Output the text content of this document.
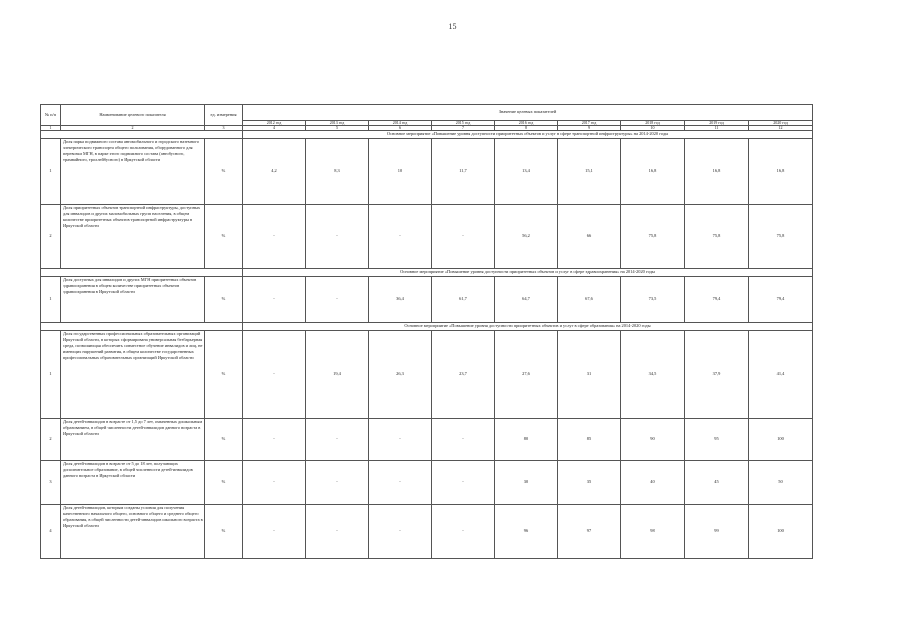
15
№ п/п	Наименование целевого показателя	ед. измерения	Значение целевых показателей								
			2012 год	2013 год	2014 год	2015 год	2016 год	2017 год	2018 год	2019 год	2020 год
1	2	3	4	5	6	7	8	9	10	11	12
			Основное мероприятие «Повышение уровня доступности приоритетных объектов и услуг в сфере транспортной инфраструктуры» на 2014-2020 годы								
1	Доля парка подвижного состава автомобильного и городского наземного электрического транспорта общего пользования, оборудованного для перевозки МГН, в парке этого подвижного состава (автобусного, трамвайного, троллейбусного) в Иркутской области	%	4,2	8,3	10	11,7	13,4	15,1	16,8	16,8	16,8
2	Доля приоритетных объектов транспортной инфраструктуры, доступных для инвалидов и других маломобильных групп населения, в общем количестве приоритетных объектов транспортной инфраструктуры в Иркутской области	%	-	-	-	-	56,2	66	75,8	75,8	75,8
			Основное мероприятие «Повышение уровня доступности приоритетных объектов и услуг в сфере здравоохранения» на 2014-2020 годы								
1	Доля доступных для инвалидов и других МГН приоритетных объектов здравоохранения в общем количестве приоритетных объектов здравоохранения в Иркутской области	%	-	-	36,4	61,7	64,7	67,6	73,5	79,4	79,4
			Основное мероприятие «Повышение уровня доступности приоритетных объектов и услуг в сфере образования» на 2014-2020 годы								
1	Доля государственных профессиональных образовательных организаций Иркутской области, в которых сформирована универсальная безбарьерная среда, позволяющая обеспечить совместное обучение инвалидов и лиц, не имеющих нарушений развития, в общем количестве государственных профессиональных образовательных организаций Иркутской области	%	-	19,4	26,3	23,7	27,6	31	34,5	37,9	41,4
2	Доля детей-инвалидов в возрасте от 1,5 до 7 лет, охваченных дошкольным образованием, в общей численности детей-инвалидов данного возраста в Иркутской области	%	-	-	-	-	80	85	90	95	100
3	Доля детей-инвалидов в возрасте от 5 до 18 лет, получающих дополнительное образование, в общей численности детей-инвалидов данного возраста в Иркутской области	%	-	-	-	-	30	35	40	45	50
4	Доля детей-инвалидов, которым созданы условия для получения качественного начального общего, основного общего и среднего общего образования, в общей численности детей-инвалидов школьного возраста в Иркутской области	%	-	-	-	-	96	97	98	99	100
